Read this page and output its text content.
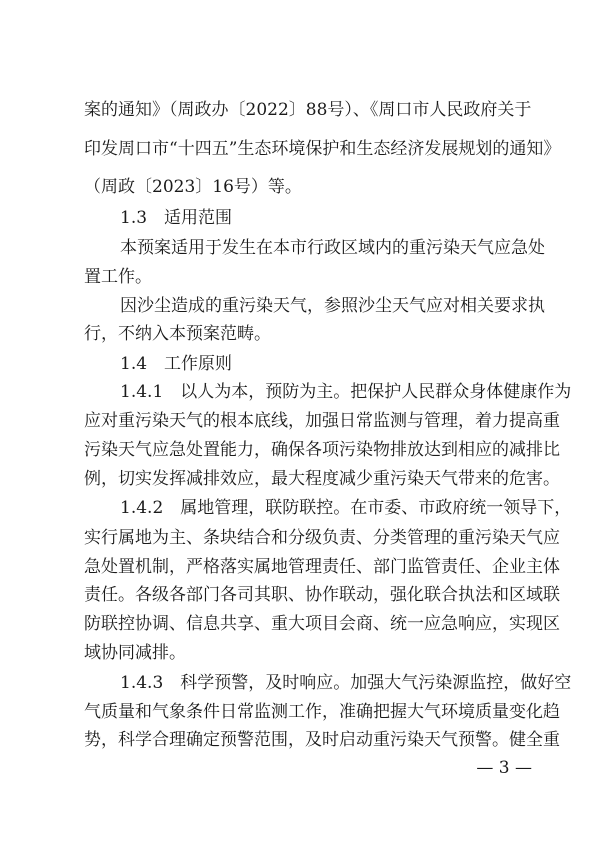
案的通知》（周政办〔2022〕88号）、《周口市人民政府关于
印发周口市“十四五”生态环境保护和生态经济发展规划的通知》
（周政〔2023〕16号）等。
1.3　适用范围
本预案适用于发生在本市行政区域内的重污染天气应急处
置工作。
因沙尘造成的重污染天气，参照沙尘天气应对相关要求执
行，不纳入本预案范畴。
1.4　工作原则
1.4.1　以人为本，预防为主。把保护人民群众身体健康作为
应对重污染天气的根本底线，加强日常监测与管理，着力提高重
污染天气应急处置能力，确保各项污染物排放达到相应的减排比
例，切实发挥减排效应，最大程度减少重污染天气带来的危害。
1.4.2　属地管理，联防联控。在市委、市政府统一领导下，
实行属地为主、条块结合和分级负责、分类管理的重污染天气应
急处置机制，严格落实属地管理责任、部门监管责任、企业主体
责任。各级各部门各司其职、协作联动，强化联合执法和区域联
防联控协调、信息共享、重大项目会商、统一应急响应，实现区
域协同减排。
1.4.3　科学预警，及时响应。加强大气污染源监控，做好空
气质量和气象条件日常监测工作，准确把握大气环境质量变化趋
势，科学合理确定预警范围，及时启动重污染天气预警。健全重
— 3 —
